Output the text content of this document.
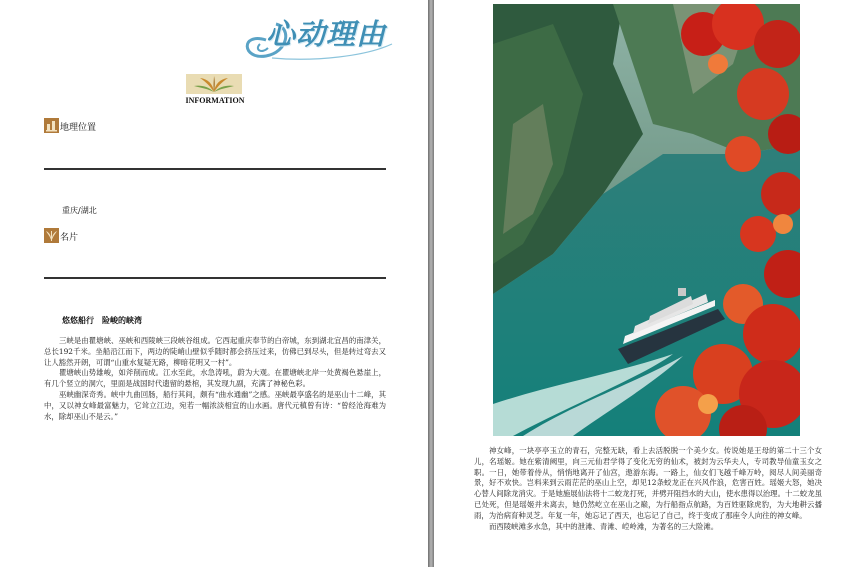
心动理由
INFORMATION
地理位置
重庆/湖北
名片
悠悠船行　险峻的峡湾

三峡是由瞿塘峡、巫峡和西陵峡三段峡谷组成。它西起重庆奉节的白帝城，东到湖北宜昌的南津关，总长192千米。坐船沿江而下，两边的陡峭山壁似乎随时都会挤压过来，仿佛已到尽头，但是转过弯去又让人豁然开朗，可谓“山重水复疑无路，柳暗花明又一村”。

瞿塘峡山势雄峻，如斧削而成。江水至此，水急涛吼，蔚为大观。在瞿塘峡北岸一处黄褐色悬崖上，有几个竖立的洞穴，里面是战国时代遗留的悬棺，其发现九副，充满了神秘色彩。

巫峡幽深奇秀。峡中九曲回肠，船行其间，颇有“曲水通幽”之感。巫峡最享盛名的是巫山十二峰，其中，又以神女峰最富魅力，它耸立江边，宛若一幅浓淡相宜的山水画。唐代元稹曾有诗：“曾经沧海难为水，除却巫山不是云。”

神女峰，一块亭亭玉立的青石，完整无缺，看上去活脱脱一个美少女。传说她是王母的第二十三个女儿，名瑶姬。她在紫清阙里，向三元仙君学得了变化无穷的仙术，被封为云华夫人，专司教导仙童玉女之职。一日，她带着侍从，悄悄地离开了仙宫，遨游东海。一路上，仙女们飞越千峰万岭，阅尽人间美丽奇景，好不欢快。岂料来到云雨茫茫的巫山上空，却见12条蛟龙正在兴风作浪，危害百姓。瑶姬大怒，她决心替人间除龙消灾。于是她施展仙法将十二蛟龙打死，并劈开阻挡水的大山，使水患得以治理。十二蛟龙虽已处死，但是瑶姬并未离去，她仍然屹立在巫山之巅，为行船指点航路，为百姓驱除虎豹，为大地耕云播雨，为治病育种灵芝。年复一年，她忘记了西天，也忘记了自己，终于变成了那座令人向往的神女峰。

而西陵峡滩多水急，其中的泄滩、青滩、崆岭滩，为著名的三大险滩。
